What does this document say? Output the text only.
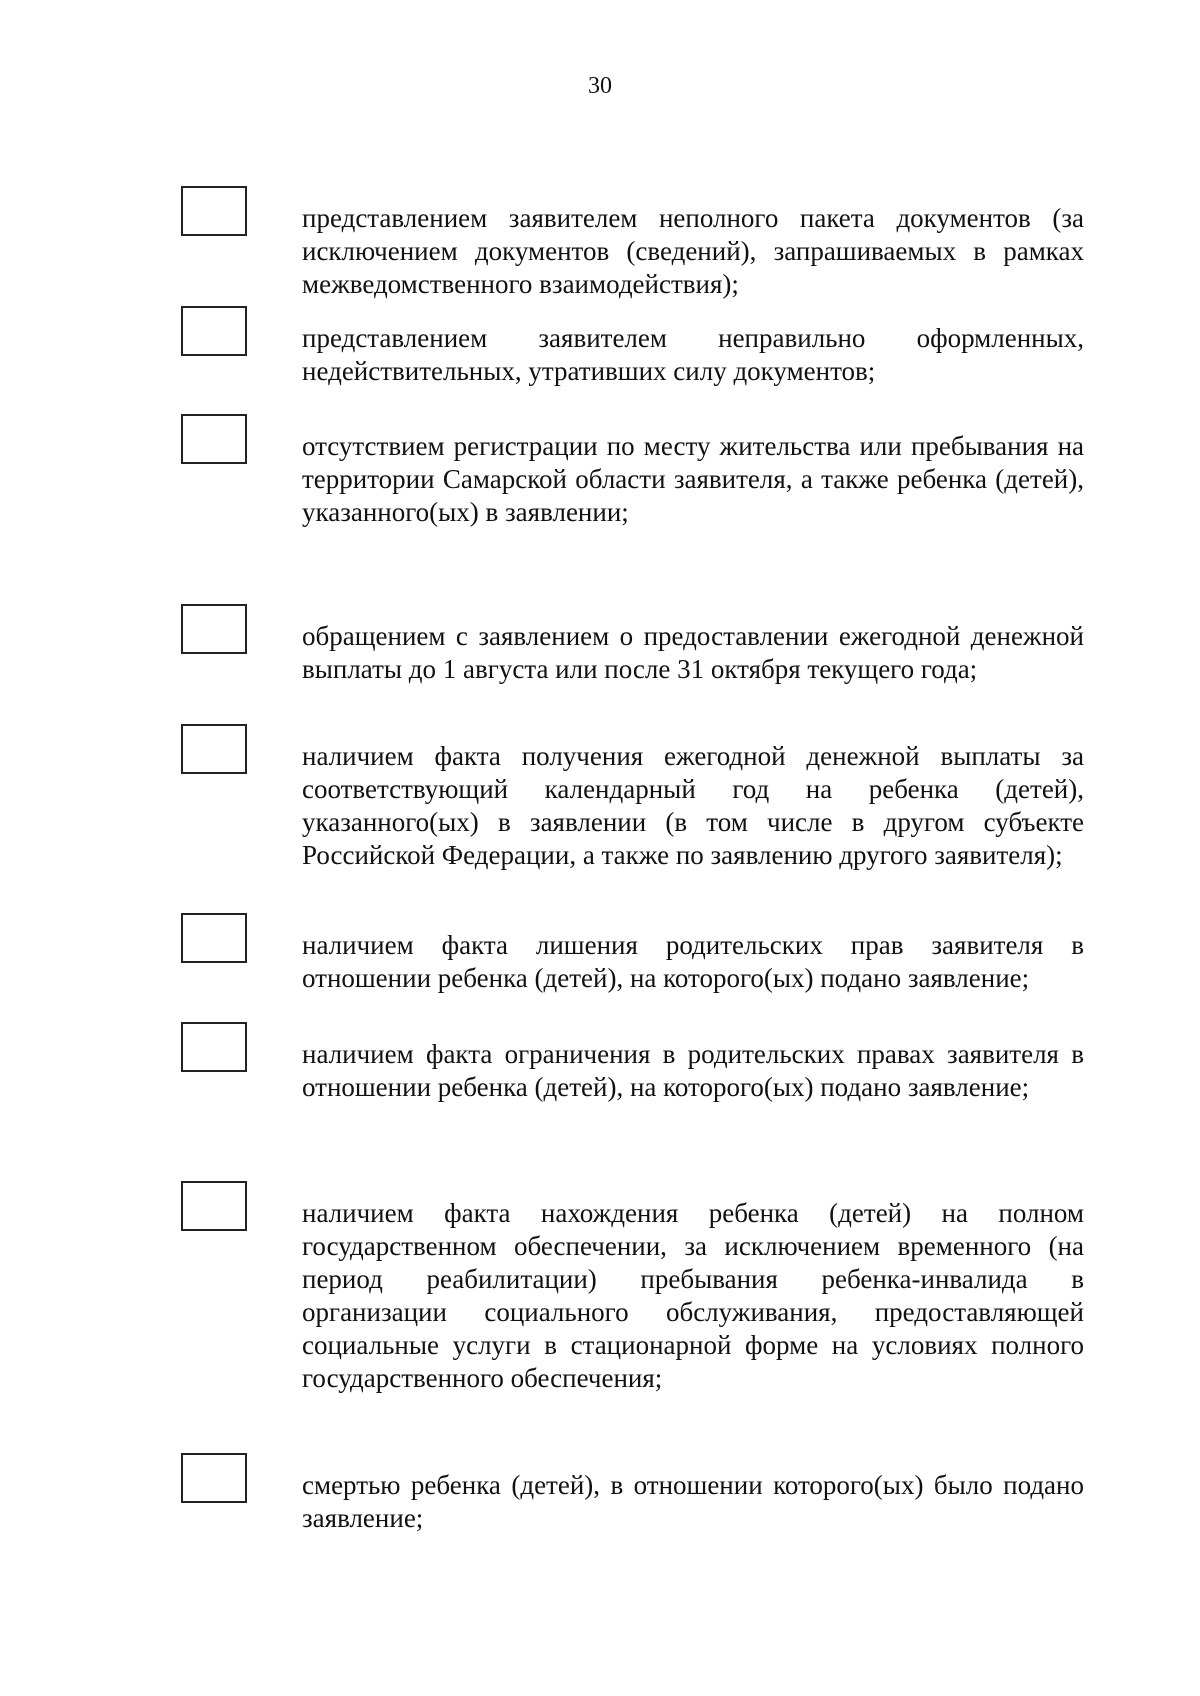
30
представлением заявителем неполного пакета документов (за исключением документов (сведений), запрашиваемых в рамках межведомственного взаимодействия);
представлением заявителем неправильно оформленных, недействительных, утративших силу документов;
отсутствием регистрации по месту жительства или пребывания на территории Самарской области заявителя, а также ребенка (детей), указанного(ых) в заявлении;
обращением с заявлением о предоставлении ежегодной денежной выплаты до 1 августа или после 31 октября текущего года;
наличием факта получения ежегодной денежной выплаты за соответствующий календарный год на ребенка (детей), указанного(ых) в заявлении (в том числе в другом субъекте Российской Федерации, а также по заявлению другого заявителя);
наличием факта лишения родительских прав заявителя в отношении ребенка (детей), на которого(ых) подано заявление;
наличием факта ограничения в родительских правах заявителя в отношении ребенка (детей), на которого(ых) подано заявление;
наличием факта нахождения ребенка (детей) на полном государственном обеспечении, за исключением временного (на период реабилитации) пребывания ребенка-инвалида в организации социального обслуживания, предоставляющей социальные услуги в стационарной форме на условиях полного государственного обеспечения;
смертью ребенка (детей), в отношении которого(ых) было подано заявление;
